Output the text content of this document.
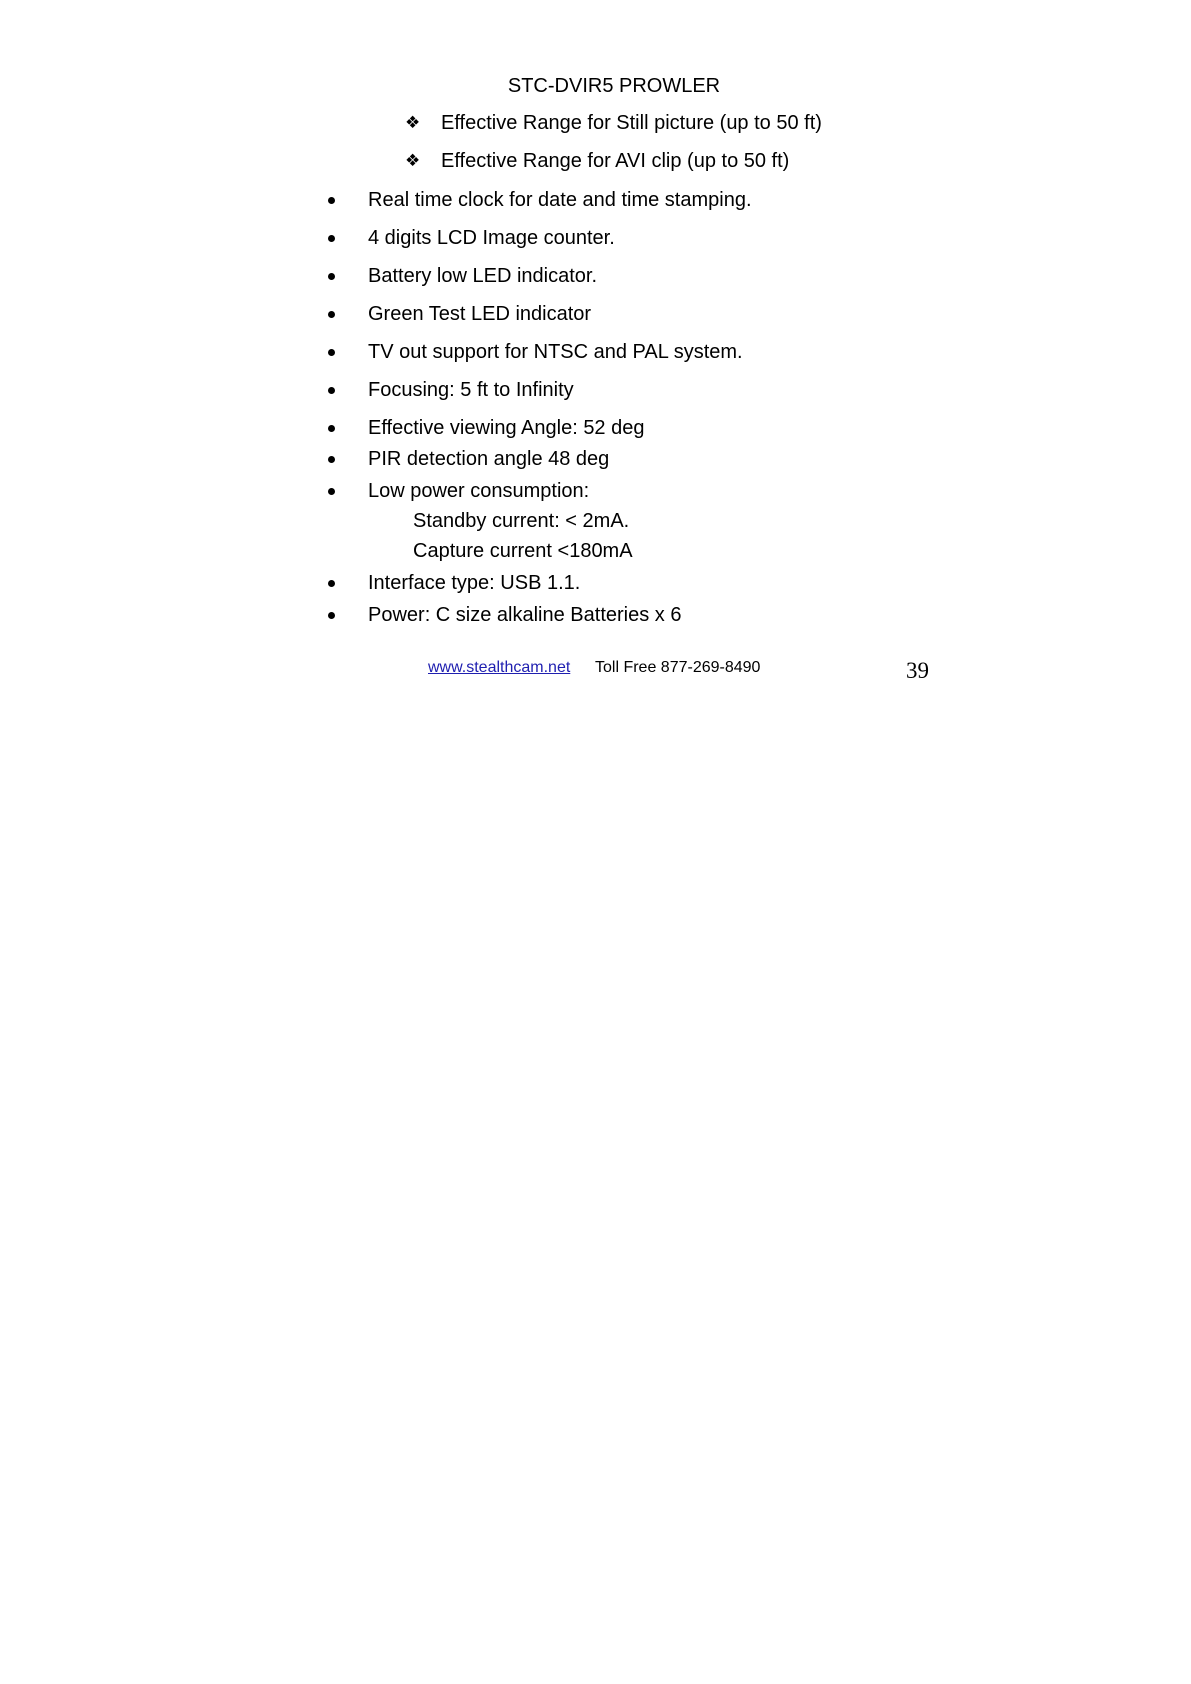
STC-DVIR5 PROWLER
❖ Effective Range for Still picture (up to 50 ft)
❖ Effective Range for AVI clip (up to 50 ft)
Real time clock for date and time stamping.
4 digits LCD Image counter.
Battery low LED indicator.
Green Test LED indicator
TV out support for NTSC and PAL system.
Focusing: 5 ft to Infinity
Effective viewing Angle: 52 deg
PIR detection angle 48 deg
Low power consumption:
Standby current: < 2mA.
Capture current <180mA
Interface type: USB 1.1.
Power: C size alkaline Batteries x 6
www.stealthcam.net Toll Free 877-269-8490	39
